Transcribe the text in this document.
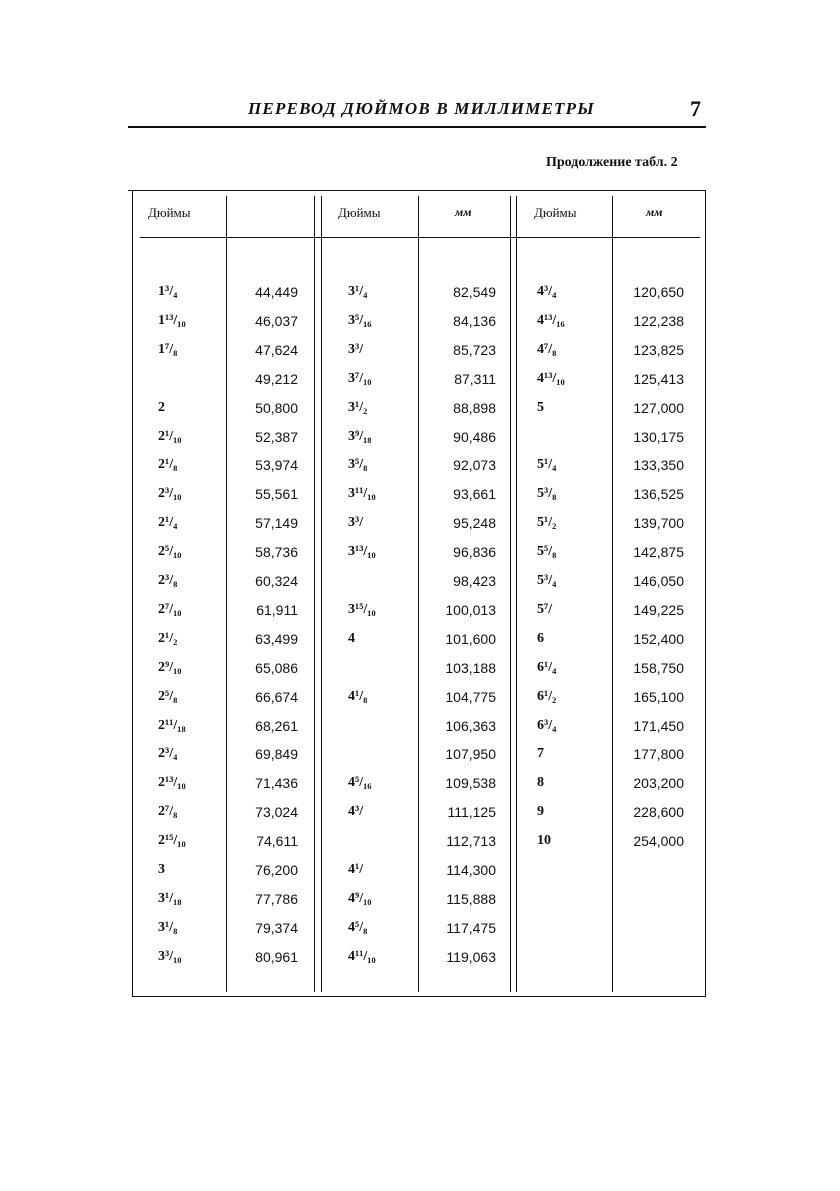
ПЕРЕВОД ДЮЙМОВ В МИЛЛИМЕТРЫ	7
Продолжение табл. 2
Дюймы	Дюймы	мм	Дюймы	мм
1³/₄	44,449
1¹³/₁₀	46,037
1⁷/₈	47,624
49,212
2	50,800
2¹/₁₀	52,387
2¹/₈	53,974
2³/₁₀	55,561
2¹/₄	57,149
2⁵/₁₀	58,736
2³/₈	60,324
2⁷/₁₀	61,911
2¹/₂	63,499
2⁹/₁₀	65,086
2⁵/₈	66,674
2¹¹/₁₈	68,261
2³/₄	69,849
2¹³/₁₀	71,436
2⁷/₈	73,024
2¹⁵/₁₀	74,611
3	76,200
3¹/₁₈	77,786
3¹/₈	79,374
3³/₁₀	80,961
3¹/₄	82,549
3⁵/₁₆	84,136
3³/	85,723
3⁷/₁₀	87,311
3¹/₂	88,898
3⁹/₁₈	90,486
3⁵/₈	92,073
3¹¹/₁₀	93,661
3³/	95,248
3¹³/₁₀	96,836
98,423
3¹⁵/₁₀	100,013
4	101,600
103,188
4¹/₈	104,775
106,363
107,950
4⁵/₁₆	109,538
4³/	111,125
112,713
4¹/	114,300
4⁹/₁₀	115,888
4⁵/₈	117,475
4¹¹/₁₀	119,063
4³/₄	120,650
4¹³/₁₆	122,238
4⁷/₈	123,825
4¹³/₁₀	125,413
5	127,000
130,175
5¹/₄	133,350
5³/₈	136,525
5¹/₂	139,700
5⁵/₈	142,875
5³/₄	146,050
5⁷/	149,225
6	152,400
6¹/₄	158,750
6¹/₂	165,100
6³/₄	171,450
7	177,800
8	203,200
9	228,600
10	254,000
